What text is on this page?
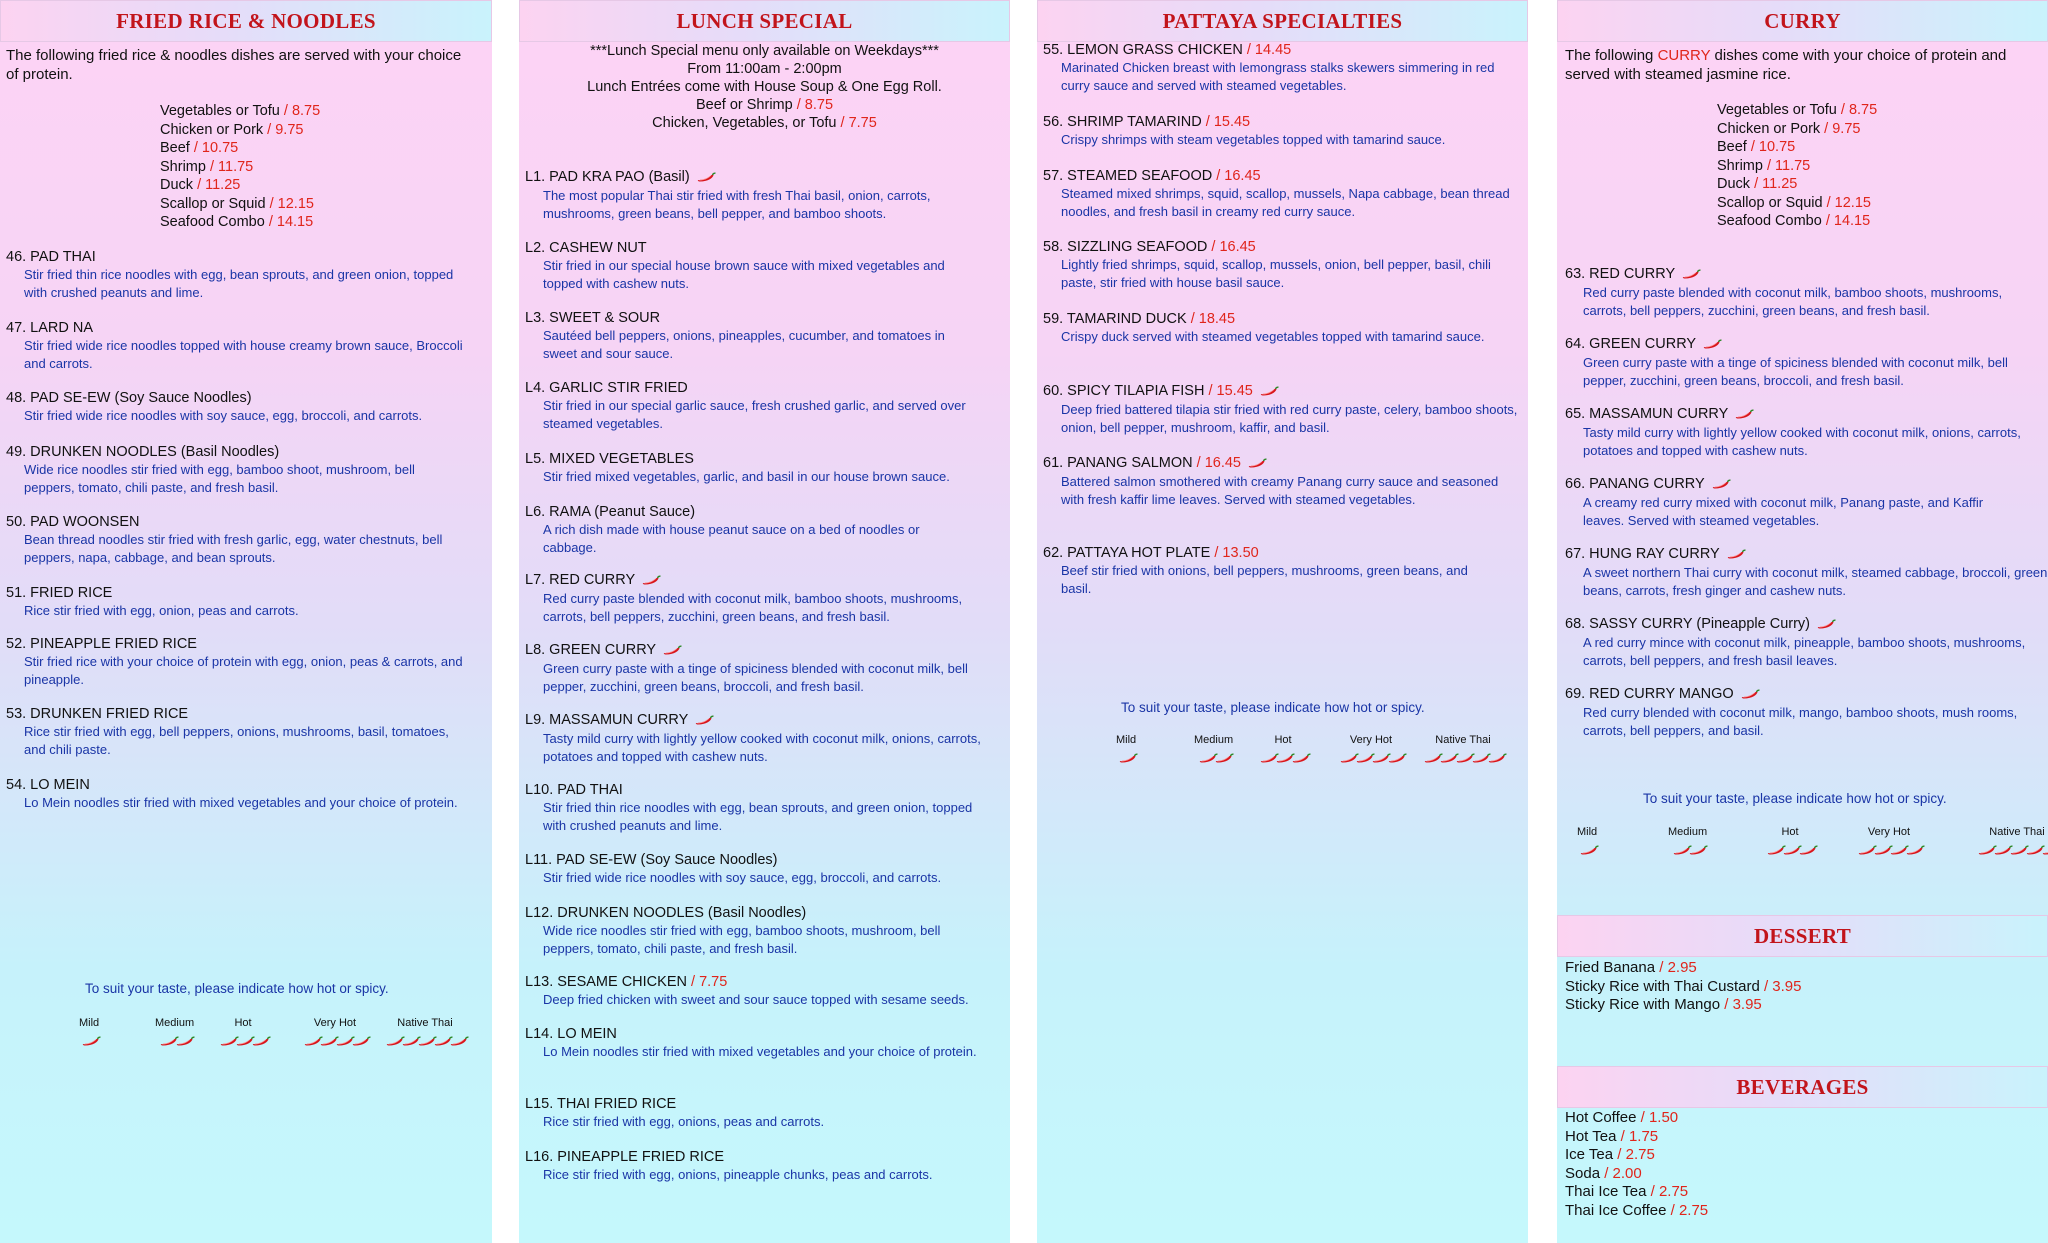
FRIED RICE & NOODLES
The following fried rice & noodles dishes are served with your choice of protein.
Vegetables or Tofu / 8.75
Chicken or Pork / 9.75
Beef / 10.75
Shrimp / 11.75
Duck / 11.25
Scallop or Squid / 12.15
Seafood Combo / 14.15
46. PAD THAI
Stir fried thin rice noodles with egg, bean sprouts, and green onion, topped with crushed peanuts and lime.
47. LARD NA
Stir fried wide rice noodles topped with house creamy brown sauce, Broccoli and carrots.
48. PAD SE-EW (Soy Sauce Noodles)
Stir fried wide rice noodles with soy sauce, egg, broccoli, and carrots.
49. DRUNKEN NOODLES (Basil Noodles)
Wide rice noodles stir fried with egg, bamboo shoot, mushroom, bell peppers, tomato, chili paste, and fresh basil.
50. PAD WOONSEN
Bean thread noodles stir fried with fresh garlic, egg, water chestnuts, bell peppers, napa, cabbage, and bean sprouts.
51. FRIED RICE
Rice stir fried with egg, onion, peas and carrots.
52. PINEAPPLE FRIED RICE
Stir fried rice with your choice of protein with egg, onion, peas & carrots, and pineapple.
53. DRUNKEN FRIED RICE
Rice stir fried with egg, bell peppers, onions, mushrooms, basil, tomatoes, and chili paste.
54. LO MEIN
Lo Mein noodles stir fried with mixed vegetables and your choice of protein.
To suit your taste, please indicate how hot or spicy.
Mild	Medium	Hot	Very Hot	Native Thai
LUNCH SPECIAL
***Lunch Special menu only available on Weekdays***
From 11:00am - 2:00pm
Lunch Entrées come with House Soup & One Egg Roll.
Beef or Shrimp / 8.75
Chicken, Vegetables, or Tofu / 7.75
L1. PAD KRA PAO (Basil)
The most popular Thai stir fried with fresh Thai basil, onion, carrots, mushrooms, green beans, bell pepper, and bamboo shoots.
L2. CASHEW NUT
Stir fried in our special house brown sauce with mixed vegetables and topped with cashew nuts.
L3. SWEET & SOUR
Sautéed bell peppers, onions, pineapples, cucumber, and tomatoes in sweet and sour sauce.
L4. GARLIC STIR FRIED
Stir fried in our special garlic sauce, fresh crushed garlic, and served over steamed vegetables.
L5. MIXED VEGETABLES
Stir fried mixed vegetables, garlic, and basil in our house brown sauce.
L6. RAMA (Peanut Sauce)
A rich dish made with house peanut sauce on a bed of noodles or cabbage.
L7. RED CURRY
Red curry paste blended with coconut milk, bamboo shoots, mushrooms, carrots, bell peppers, zucchini, green beans, and fresh basil.
L8. GREEN CURRY
Green curry paste with a tinge of spiciness blended with coconut milk, bell pepper, zucchini, green beans, broccoli, and fresh basil.
L9. MASSAMUN CURRY
Tasty mild curry with lightly yellow cooked with coconut milk, onions, carrots, potatoes and topped with cashew nuts.
L10. PAD THAI
Stir fried thin rice noodles with egg, bean sprouts, and green onion, topped with crushed peanuts and lime.
L11. PAD SE-EW (Soy Sauce Noodles)
Stir fried wide rice noodles with soy sauce, egg, broccoli, and carrots.
L12. DRUNKEN NOODLES (Basil Noodles)
Wide rice noodles stir fried with egg, bamboo shoots, mushroom, bell peppers, tomato, chili paste, and fresh basil.
L13. SESAME CHICKEN / 7.75
Deep fried chicken with sweet and sour sauce topped with sesame seeds.
L14. LO MEIN
Lo Mein noodles stir fried with mixed vegetables and your choice of protein.
L15. THAI FRIED RICE
Rice stir fried with egg, onions, peas and carrots.
L16. PINEAPPLE FRIED RICE
Rice stir fried with egg, onions, pineapple chunks, peas and carrots.
PATTAYA SPECIALTIES
55. LEMON GRASS CHICKEN / 14.45
Marinated Chicken breast with lemongrass stalks skewers simmering in red curry sauce and served with steamed vegetables.
56. SHRIMP TAMARIND / 15.45
Crispy shrimps with steam vegetables topped with tamarind sauce.
57. STEAMED SEAFOOD / 16.45
Steamed mixed shrimps, squid, scallop, mussels, Napa cabbage, bean thread noodles, and fresh basil in creamy red curry sauce.
58. SIZZLING SEAFOOD / 16.45
Lightly fried shrimps, squid, scallop, mussels, onion, bell pepper, basil, chili paste, stir fried with house basil sauce.
59. TAMARIND DUCK / 18.45
Crispy duck served with steamed vegetables topped with tamarind sauce.
60. SPICY TILAPIA FISH / 15.45
Deep fried battered tilapia stir fried with red curry paste, celery, bamboo shoots, onion, bell pepper, mushroom, kaffir, and basil.
61. PANANG SALMON / 16.45
Battered salmon smothered with creamy Panang curry sauce and seasoned with fresh kaffir lime leaves. Served with steamed vegetables.
62. PATTAYA HOT PLATE / 13.50
Beef stir fried with onions, bell peppers, mushrooms, green beans, and basil.
To suit your taste, please indicate how hot or spicy.
Mild	Medium	Hot	Very Hot	Native Thai
CURRY
The following CURRY dishes come with your choice of protein and served with steamed jasmine rice.
Vegetables or Tofu / 8.75
Chicken or Pork / 9.75
Beef / 10.75
Shrimp / 11.75
Duck / 11.25
Scallop or Squid / 12.15
Seafood Combo / 14.15
63. RED CURRY
Red curry paste blended with coconut milk, bamboo shoots, mushrooms, carrots, bell peppers, zucchini, green beans, and fresh basil.
64. GREEN CURRY
Green curry paste with a tinge of spiciness blended with coconut milk, bell pepper, zucchini, green beans, broccoli, and fresh basil.
65. MASSAMUN CURRY
Tasty mild curry with lightly yellow cooked with coconut milk, onions, carrots, potatoes and topped with cashew nuts.
66. PANANG CURRY
A creamy red curry mixed with coconut milk, Panang paste, and Kaffir leaves. Served with steamed vegetables.
67. HUNG RAY CURRY
A sweet northern Thai curry with coconut milk, steamed cabbage, broccoli, green beans, carrots, fresh ginger and cashew nuts.
68. SASSY CURRY (Pineapple Curry)
A red curry mince with coconut milk, pineapple, bamboo shoots, mushrooms, carrots, bell peppers, and fresh basil leaves.
69. RED CURRY MANGO
Red curry blended with coconut milk, mango, bamboo shoots, mush rooms, carrots, bell peppers, and basil.
To suit your taste, please indicate how hot or spicy.
Mild	Medium	Hot	Very Hot	Native Thai
DESSERT
Fried Banana / 2.95
Sticky Rice with Thai Custard / 3.95
Sticky Rice with Mango / 3.95
BEVERAGES
Hot Coffee / 1.50
Hot Tea / 1.75
Ice Tea / 2.75
Soda / 2.00
Thai Ice Tea / 2.75
Thai Ice Coffee / 2.75
